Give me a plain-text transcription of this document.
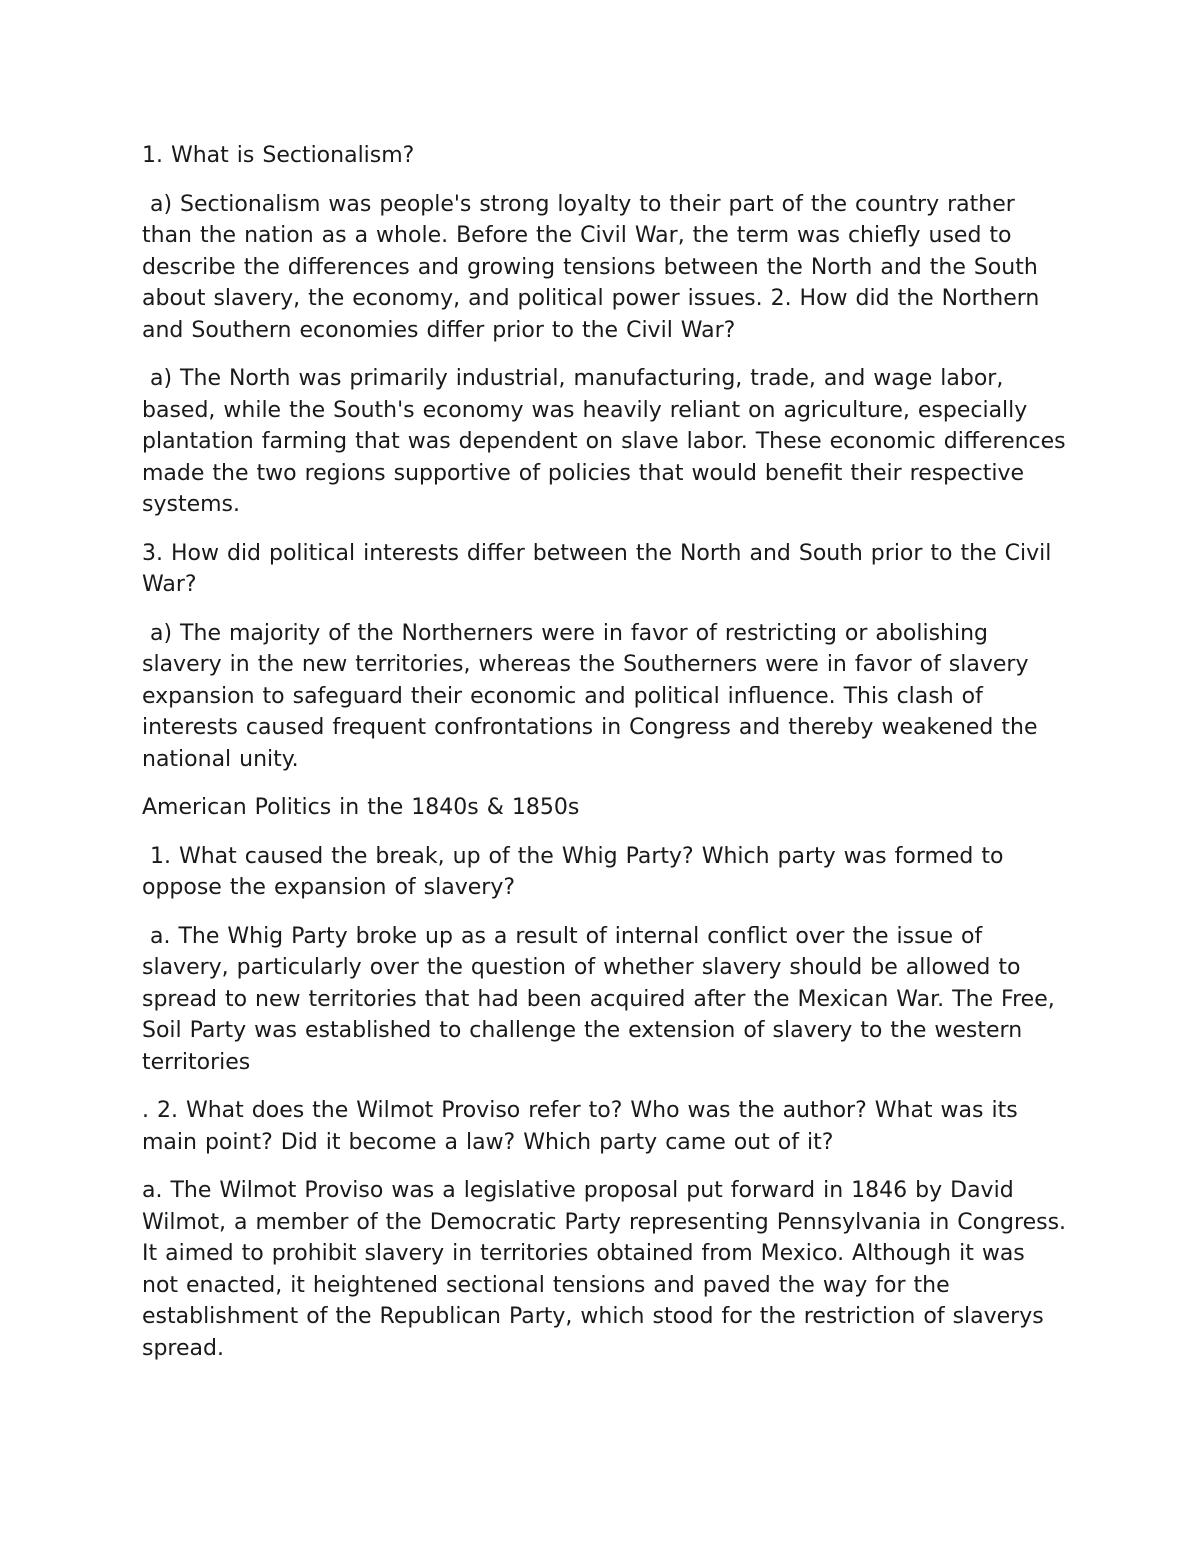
1. What is Sectionalism?

a) Sectionalism was people's strong loyalty to their part of the country rather than the nation as a whole. Before the Civil War, the term was chiefly used to describe the differences and growing tensions between the North and the South about slavery, the economy, and political power issues. 2. How did the Northern and Southern economies differ prior to the Civil War?

a) The North was primarily industrial, manufacturing, trade, and wage labor, based, while the South's economy was heavily reliant on agriculture, especially plantation farming that was dependent on slave labor. These economic differences made the two regions supportive of policies that would benefit their respective systems.

3. How did political interests differ between the North and South prior to the Civil War?

a) The majority of the Northerners were in favor of restricting or abolishing slavery in the new territories, whereas the Southerners were in favor of slavery expansion to safeguard their economic and political influence. This clash of interests caused frequent confrontations in Congress and thereby weakened the national unity.

American Politics in the 1840s & 1850s

1. What caused the break, up of the Whig Party? Which party was formed to oppose the expansion of slavery?

a. The Whig Party broke up as a result of internal conflict over the issue of slavery, particularly over the question of whether slavery should be allowed to spread to new territories that had been acquired after the Mexican War. The Free, Soil Party was established to challenge the extension of slavery to the western territories

. 2. What does the Wilmot Proviso refer to? Who was the author? What was its main point? Did it become a law? Which party came out of it?

a. The Wilmot Proviso was a legislative proposal put forward in 1846 by David Wilmot, a member of the Democratic Party representing Pennsylvania in Congress. It aimed to prohibit slavery in territories obtained from Mexico. Although it was not enacted, it heightened sectional tensions and paved the way for the establishment of the Republican Party, which stood for the restriction of slaverys spread.
